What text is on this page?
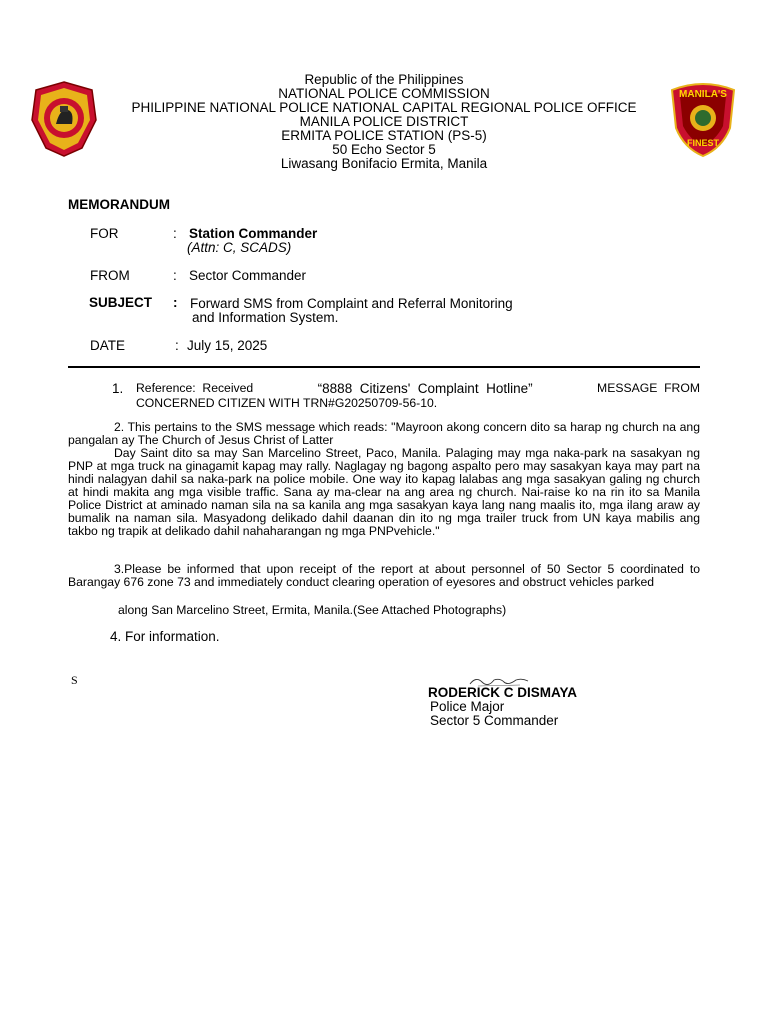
Republic of the Philippines
NATIONAL POLICE COMMISSION
PHILIPPINE NATIONAL POLICE NATIONAL CAPITAL REGIONAL POLICE OFFICE
MANILA POLICE DISTRICT
ERMITA POLICE STATION (PS-5)
50 Echo Sector 5
Liwasang Bonifacio Ermita, Manila
MANILA'S
FINEST
MEMORANDUM
FOR	: Station Commander
(Attn: C, SCADS)
FROM	: Sector Commander
SUBJECT : Forward SMS from Complaint and Referral Monitoring
and Information System.
DATE	: July 15, 2025
1. Reference:  Received	“8888  Citizens'  Complaint  Hotline”	MESSAGE  FROM
CONCERNED CITIZEN WITH TRN#G20250709-56-10.
2. This pertains to the SMS message which reads: "Mayroon akong concern dito sa harap ng church na ang pangalan ay The Church of Jesus Christ of Latter
Day Saint dito sa may San Marcelino Street, Paco, Manila. Palaging may mga naka-park na sasakyan ng PNP at mga truck na ginagamit kapag may rally. Naglagay ng bagong aspalto pero may sasakyan kaya may part na hindi nalagyan dahil sa naka-park na police mobile. One way ito kapag lalabas ang mga sasakyan galing ng church at hindi makita ang mga visible traffic. Sana ay ma-clear na ang area ng church. Nai-raise ko na rin ito sa Manila Police District at aminado naman sila na sa kanila ang mga sasakyan kaya lang nang maalis ito, mga ilang araw ay bumalik na naman sila. Masyadong delikado dahil daanan din ito ng mga trailer truck from UN kaya mabilis ang takbo ng trapik at delikado dahil nahaharangan ng mga PNPvehicle."
3.Please be informed that upon receipt of the report at about personnel of 50 Sector 5 coordinated to Barangay 676 zone 73 and immediately conduct clearing operation of eyesores and obstruct vehicles parked
along San Marcelino Street, Ermita, Manila.(See Attached Photographs)
4. For information.
S
RODERICK C DISMAYA
Police Major
Sector 5 Commander
